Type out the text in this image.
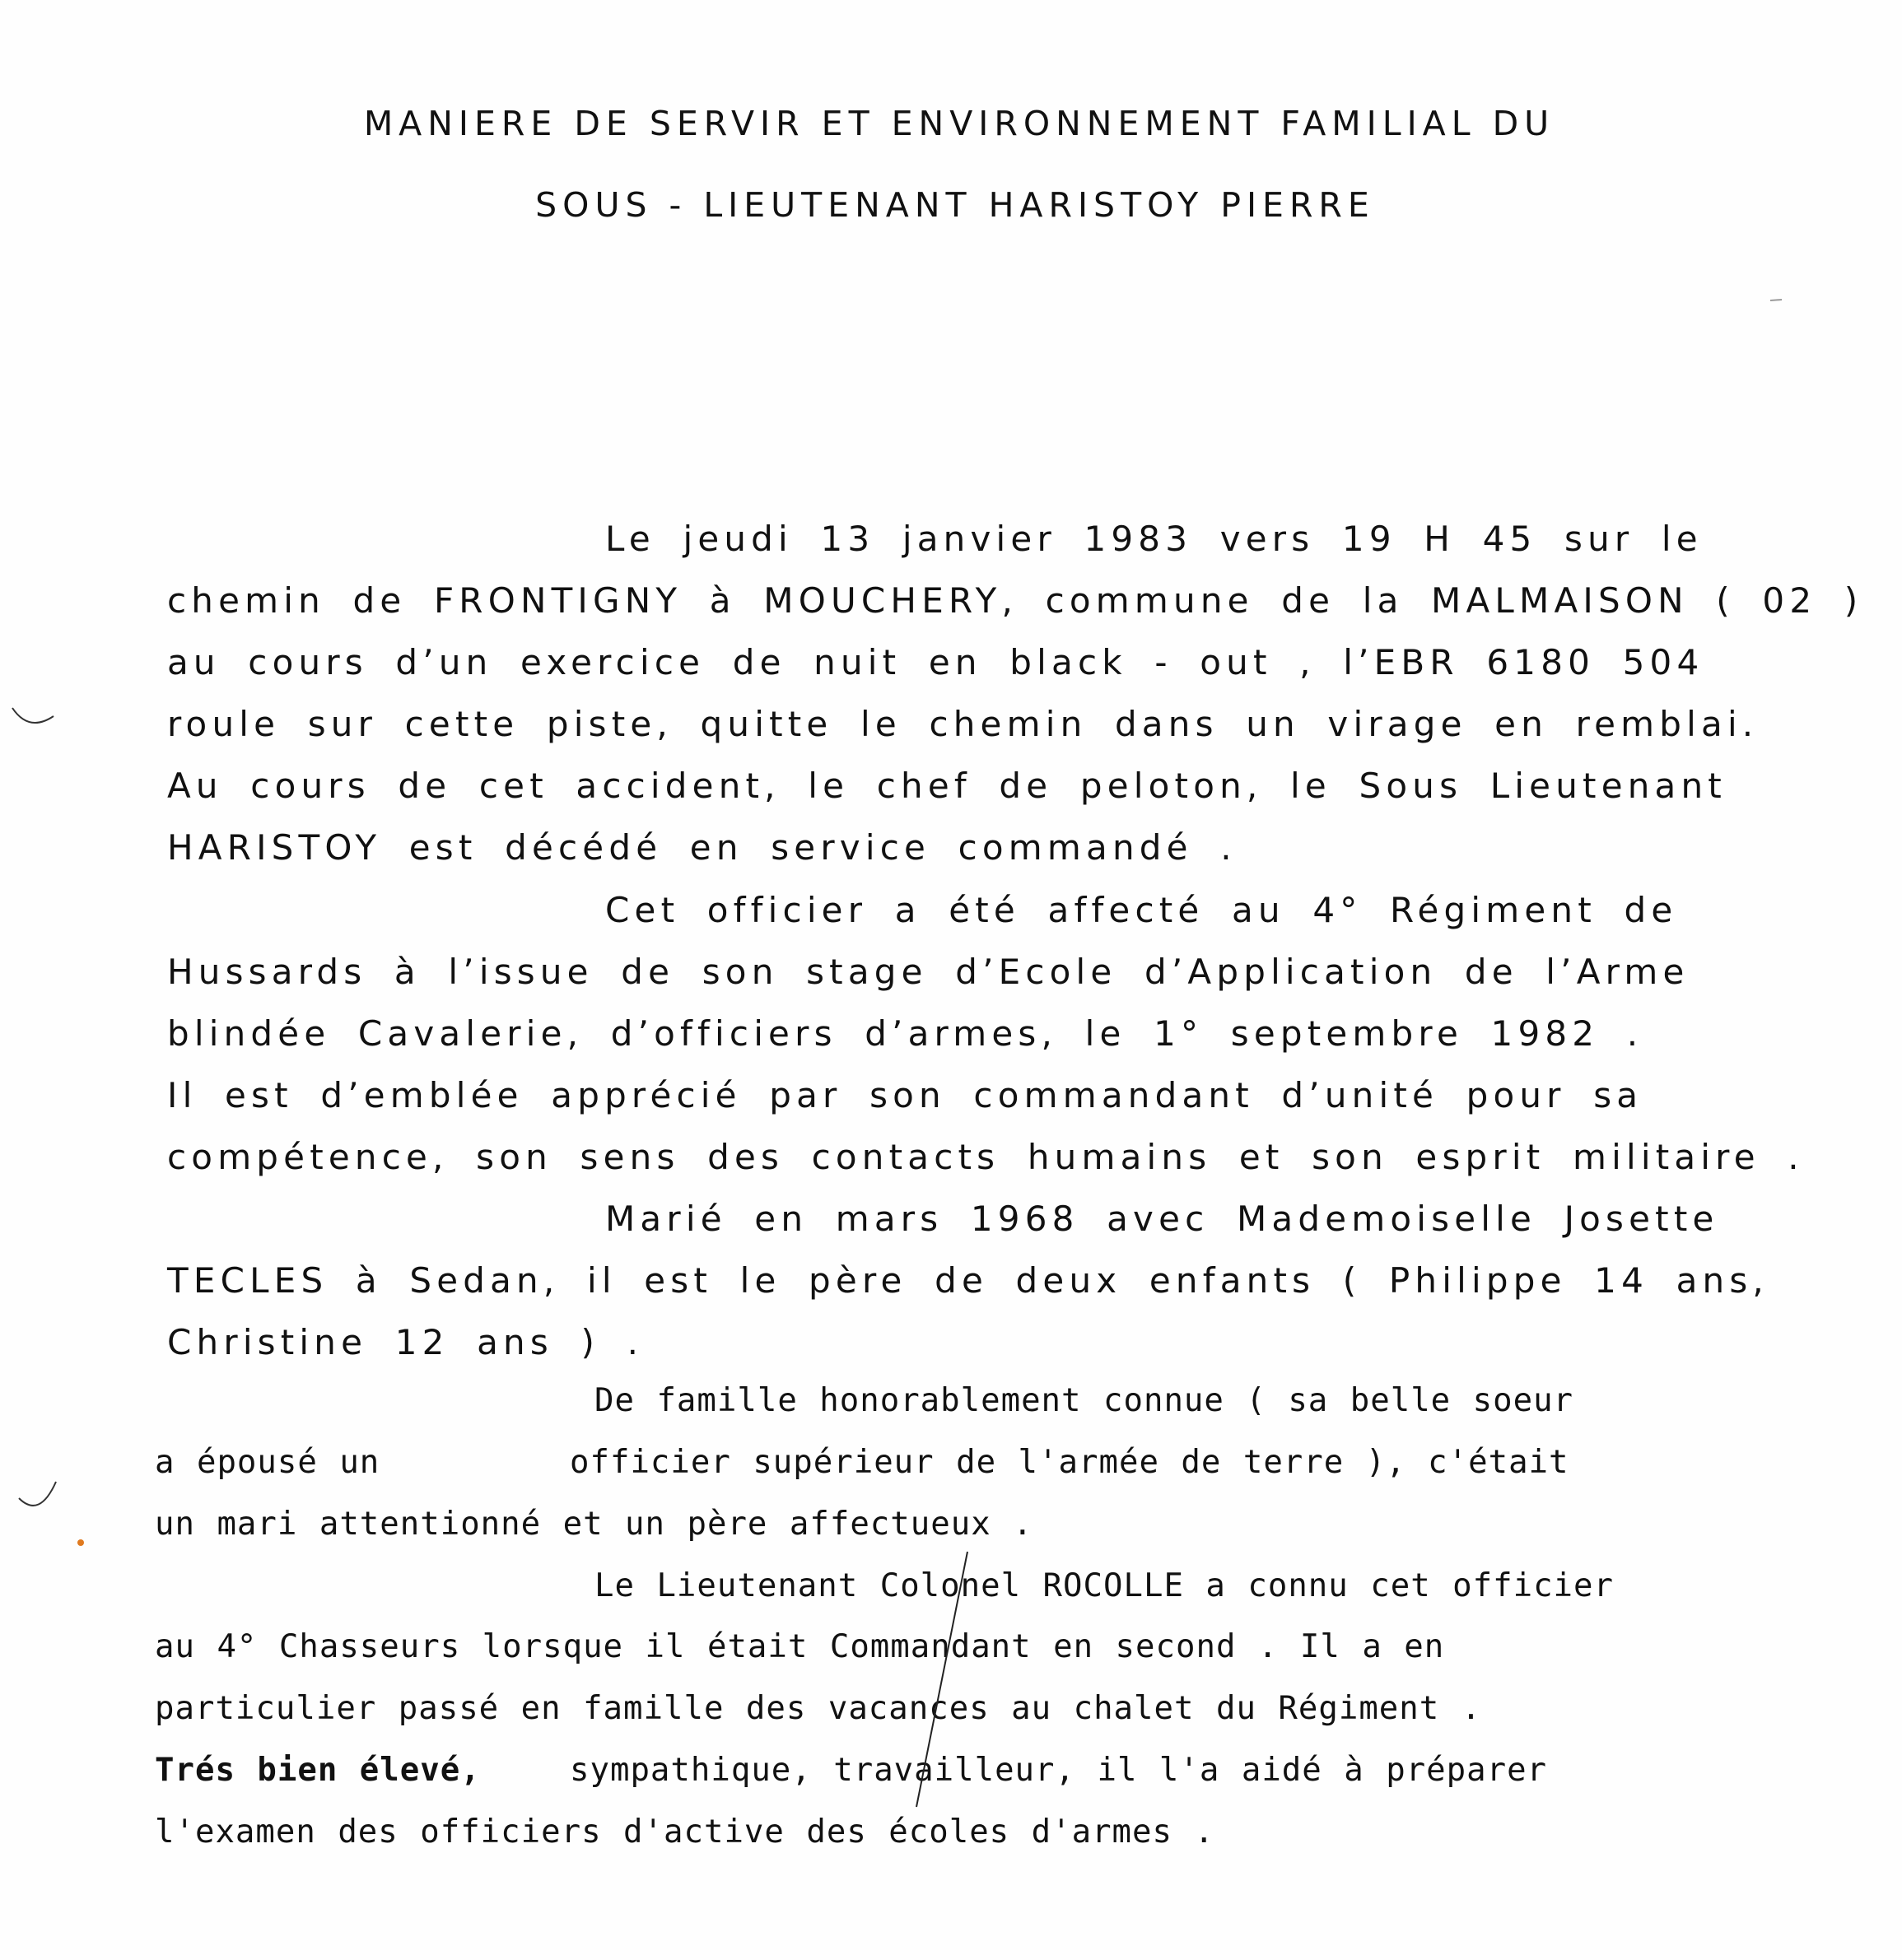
MANIERE DE SERVIR ET ENVIRONNEMENT FAMILIAL DU
SOUS - LIEUTENANT HARISTOY PIERRE
Le jeudi 13 janvier 1983 vers 19 H 45 sur le
chemin de FRONTIGNY à MOUCHERY, commune de la MALMAISON ( 02 )
au cours d’un exercice de nuit en black - out , l’EBR 6180 504
roule sur cette piste, quitte le chemin dans un virage en remblai.
Au cours de cet accident, le chef de peloton, le Sous Lieutenant
HARISTOY est décédé en service commandé .
Cet officier a été affecté au 4° Régiment de
Hussards à l’issue de son stage d’Ecole d’Application de l’Arme
blindée Cavalerie, d’officiers d’armes, le 1° septembre 1982 .
Il est d’emblée apprécié par son commandant d’unité pour sa
compétence, son sens des contacts humains et son esprit militaire .
Marié en mars 1968 avec Mademoiselle Josette
TECLES à Sedan, il est le père de deux enfants ( Philippe 14 ans,
Christine 12 ans ) .
De famille honorablement connue ( sa belle soeur
a épousé un	officier supérieur de l'armée de terre ), c'était
un mari attentionné et un père affectueux .
Le Lieutenant Colonel ROCOLLE a connu cet officier
au 4° Chasseurs lorsque il était Commandant en second . Il a en
particulier passé en famille des vacances au chalet du Régiment .
Trés bien élevé,	sympathique, travailleur, il l'a aidé à préparer
l'examen des officiers d'active des écoles d'armes .
